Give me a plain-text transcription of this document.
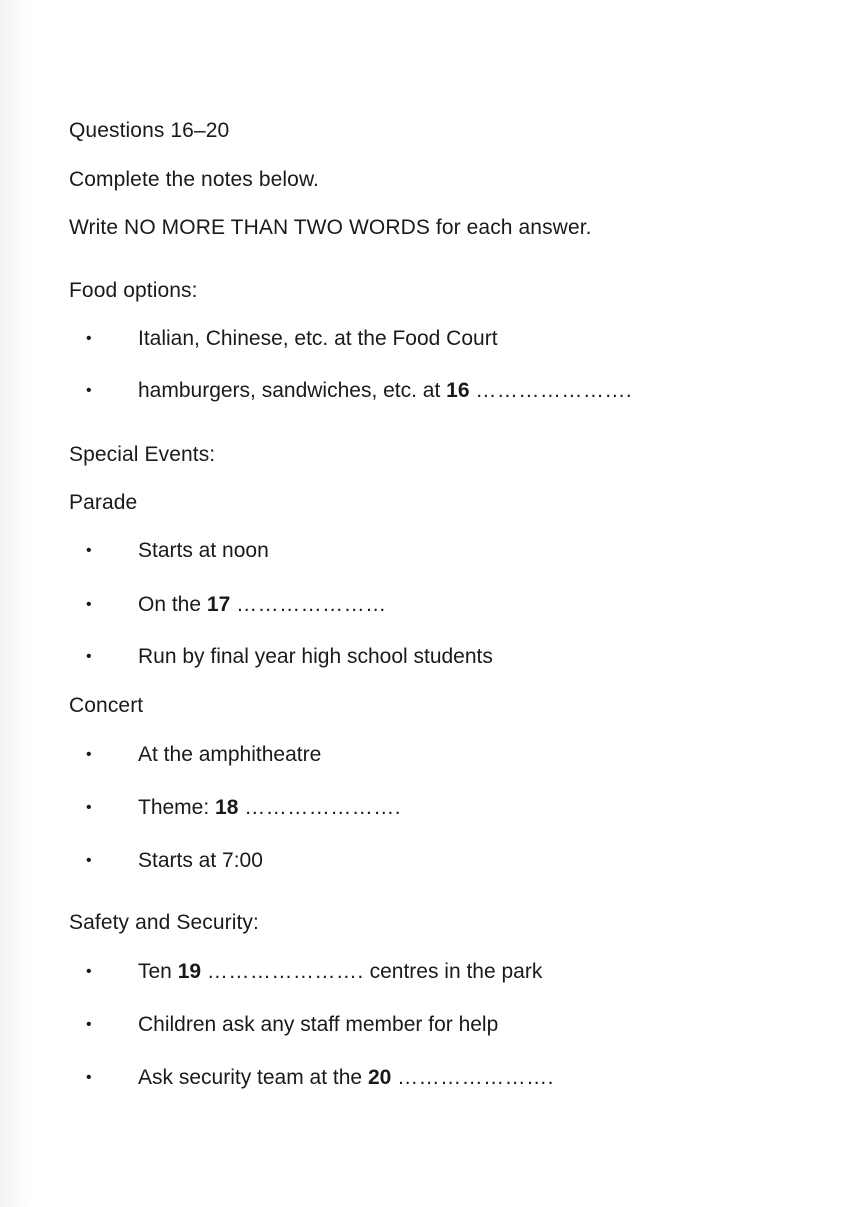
Questions 16–20
Complete the notes below.
Write NO MORE THAN TWO WORDS for each answer.
Food options:
• Italian, Chinese, etc. at the Food Court
• hamburgers, sandwiches, etc. at 16 ………………….
Special Events:
Parade
• Starts at noon
• On the 17 …………………
• Run by final year high school students
Concert
• At the amphitheatre
• Theme: 18 ………………….
• Starts at 7:00
Safety and Security:
• Ten 19 …………………. centres in the park
• Children ask any staff member for help
• Ask security team at the 20 ………………….
